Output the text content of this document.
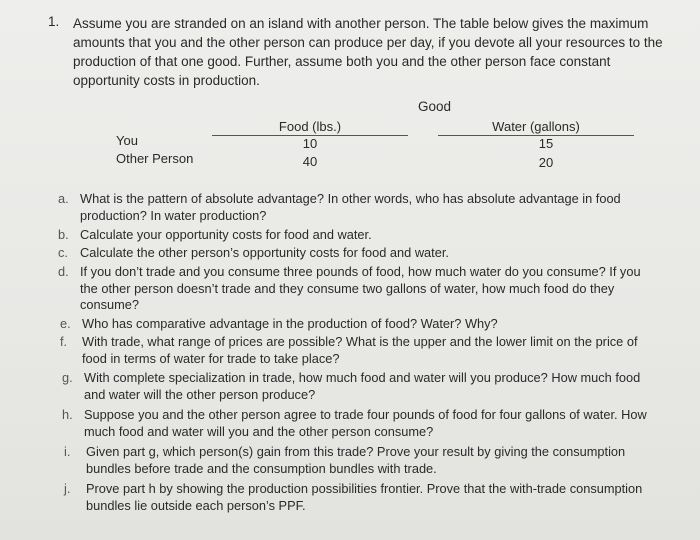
1. Assume you are stranded on an island with another person. The table below gives the maximum
amounts that you and the other person can produce per day, if you devote all your resources to the
production of that one good. Further, assume both you and the other person face constant
opportunity costs in production.
Good
Food (lbs.)	Water (gallons)
You	10	15
Other Person	40	20
a. What is the pattern of absolute advantage? In other words, who has absolute advantage in food
production? In water production?
b. Calculate your opportunity costs for food and water.
c. Calculate the other person’s opportunity costs for food and water.
d. If you don’t trade and you consume three pounds of food, how much water do you consume? If you
the other person doesn’t trade and they consume two gallons of water, how much food do they
consume?
e. Who has comparative advantage in the production of food? Water? Why?
f. With trade, what range of prices are possible? What is the upper and the lower limit on the price of
food in terms of water for trade to take place?
g. With complete specialization in trade, how much food and water will you produce? How much food
and water will the other person produce?
h. Suppose you and the other person agree to trade four pounds of food for four gallons of water. How
much food and water will you and the other person consume?
i. Given part g, which person(s) gain from this trade? Prove your result by giving the consumption
bundles before trade and the consumption bundles with trade.
j. Prove part h by showing the production possibilities frontier. Prove that the with-trade consumption
bundles lie outside each person’s PPF.
